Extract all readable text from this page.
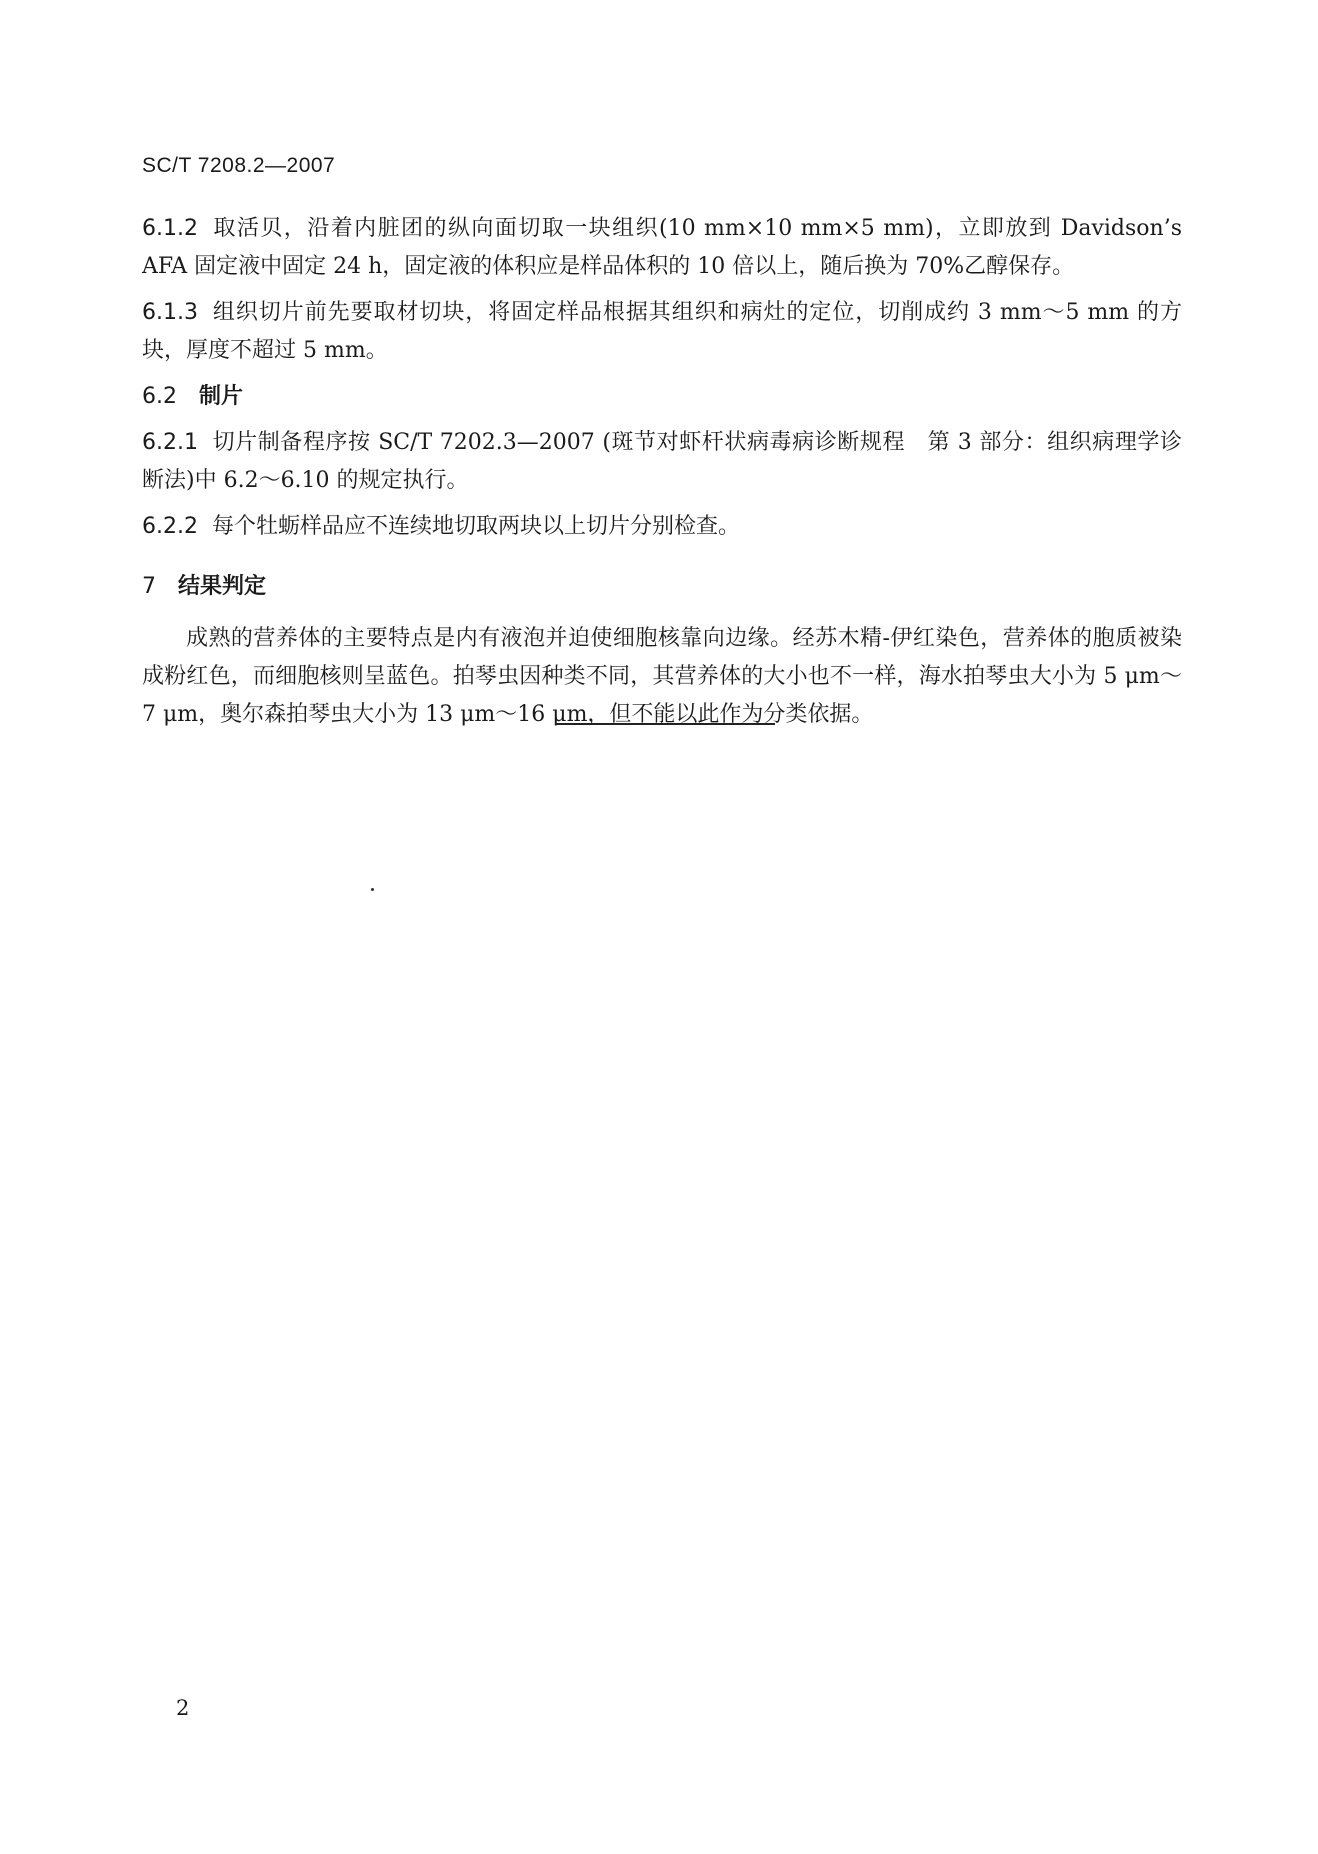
SC/T 7208.2—2007

6.1.2 取活贝，沿着内脏团的纵向面切取一块组织(10 mm×10 mm×5 mm)，立即放到 Davidson’s AFA 固定液中固定 24 h，固定液的体积应是样品体积的 10 倍以上，随后换为 70%乙醇保存。

6.1.3 组织切片前先要取材切块，将固定样品根据其组织和病灶的定位，切削成约 3 mm～5 mm 的方块，厚度不超过 5 mm。

6.2 制片

6.2.1 切片制备程序按 SC/T 7202.3—2007 (斑节对虾杆状病毒病诊断规程　第 3 部分：组织病理学诊断法)中 6.2～6.10 的规定执行。

6.2.2 每个牡蛎样品应不连续地切取两块以上切片分别检查。

7 结果判定

成熟的营养体的主要特点是内有液泡并迫使细胞核靠向边缘。经苏木精-伊红染色，营养体的胞质被染成粉红色，而细胞核则呈蓝色。拍琴虫因种类不同，其营养体的大小也不一样，海水拍琴虫大小为 5 μm～7 μm，奥尔森拍琴虫大小为 13 μm～16 μm，但不能以此作为分类依据。

2
